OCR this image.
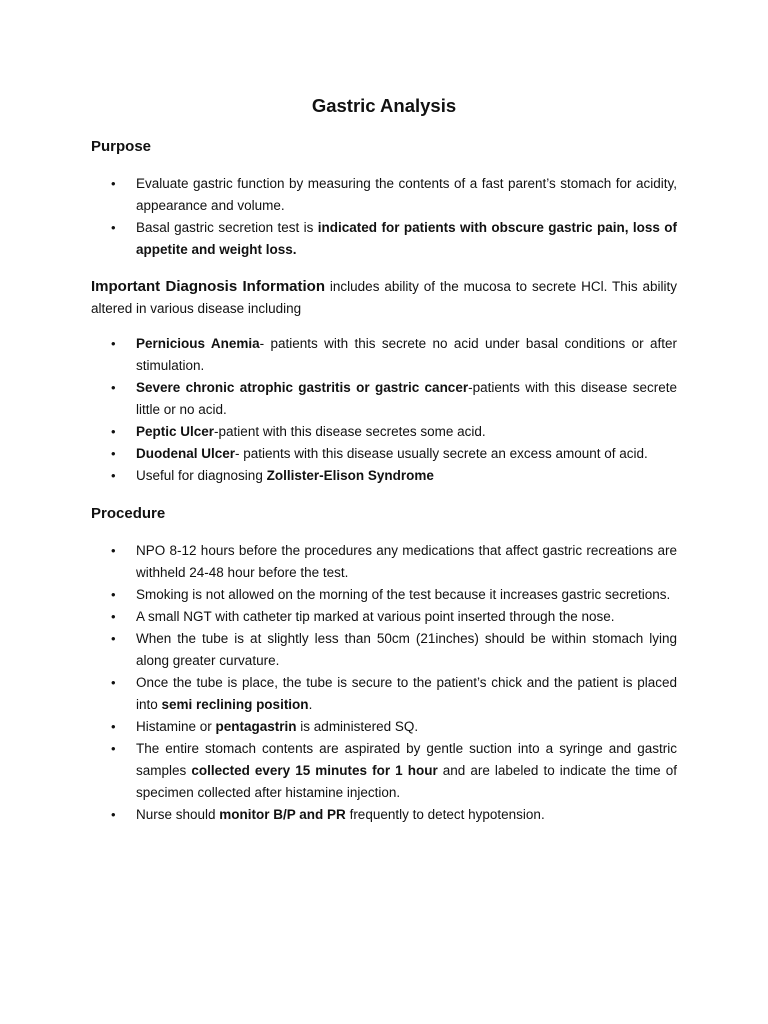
Gastric Analysis
Purpose
• Evaluate gastric function by measuring the contents of a fast parent’s stomach for acidity, appearance and volume.
• Basal gastric secretion test is indicated for patients with obscure gastric pain, loss of appetite and weight loss.

Important Diagnosis Information includes ability of the mucosa to secrete HCl. This ability altered in various disease including

• Pernicious Anemia- patients with this secrete no acid under basal conditions or after stimulation.
• Severe chronic atrophic gastritis or gastric cancer-patients with this disease secrete little or no acid.
• Peptic Ulcer-patient with this disease secretes some acid.
• Duodenal Ulcer- patients with this disease usually secrete an excess amount of acid.
• Useful for diagnosing Zollister-Elison Syndrome
Procedure
• NPO 8-12 hours before the procedures any medications that affect gastric recreations are withheld 24-48 hour before the test.
• Smoking is not allowed on the morning of the test because it increases gastric secretions.
• A small NGT with catheter tip marked at various point inserted through the nose.
• When the tube is at slightly less than 50cm (21inches) should be within stomach lying along greater curvature.
• Once the tube is place, the tube is secure to the patient’s chick and the patient is placed into semi reclining position.
• Histamine or pentagastrin is administered SQ.
• The entire stomach contents are aspirated by gentle suction into a syringe and gastric samples collected every 15 minutes for 1 hour and are labeled to indicate the time of specimen collected after histamine injection.
• Nurse should monitor B/P and PR frequently to detect hypotension.
